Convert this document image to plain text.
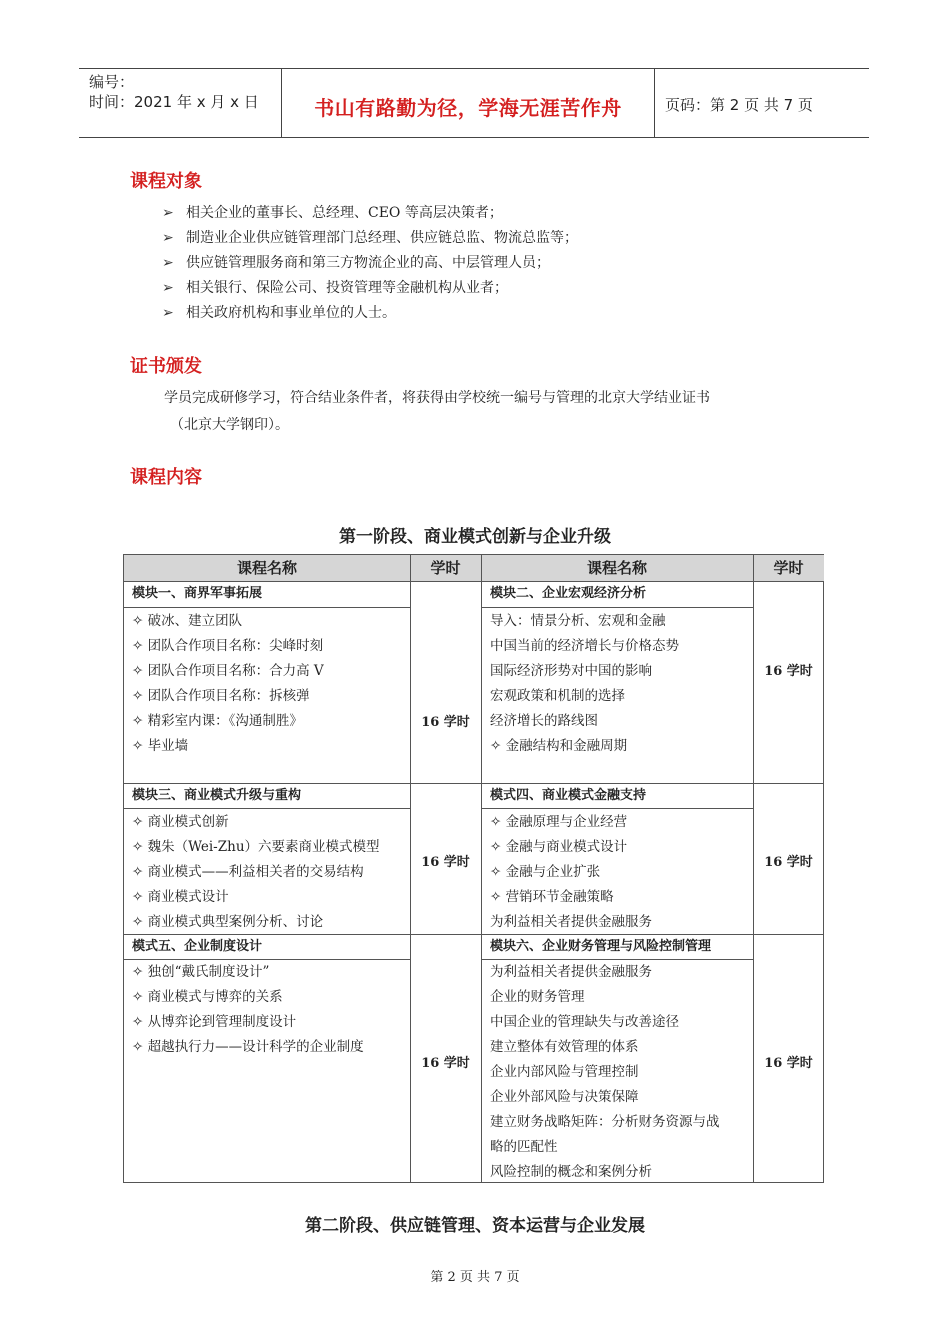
编号：
时间：2021 年 x 月 x 日	书山有路勤为径，学海无涯苦作舟	页码：第 2 页 共 7 页
课程对象
➢ 相关企业的董事长、总经理、CEO 等高层决策者；
➢ 制造业企业供应链管理部门总经理、供应链总监、物流总监等；
➢ 供应链管理服务商和第三方物流企业的高、中层管理人员；
➢ 相关银行、保险公司、投资管理等金融机构从业者；
➢ 相关政府机构和事业单位的人士。
证书颁发
学员完成研修学习，符合结业条件者，将获得由学校统一编号与管理的北京大学结业证书
（北京大学钢印）。
课程内容
第一阶段、商业模式创新与企业升级
课程名称	学时	课程名称	学时
模块一、商界军事拓展
✧ 破冰、建立团队
✧ 团队合作项目名称：尖峰时刻
✧ 团队合作项目名称：合力高 V
✧ 团队合作项目名称：拆核弹
✧ 精彩室内课：《沟通制胜》
✧ 毕业墙
16 学时
模块二、企业宏观经济分析
导入：情景分析、宏观和金融
中国当前的经济增长与价格态势
国际经济形势对中国的影响
宏观政策和机制的选择
经济增长的路线图
✧ 金融结构和金融周期
16 学时
模块三、商业模式升级与重构
✧ 商业模式创新
✧ 魏朱（Wei-Zhu）六要素商业模式模型
✧ 商业模式——利益相关者的交易结构
✧ 商业模式设计
✧ 商业模式典型案例分析、讨论
16 学时
模式四、商业模式金融支持
✧ 金融原理与企业经营
✧ 金融与商业模式设计
✧ 金融与企业扩张
✧ 营销环节金融策略
为利益相关者提供金融服务
16 学时
模式五、企业制度设计
✧ 独创“戴氏制度设计”
✧ 商业模式与博弈的关系
✧ 从博弈论到管理制度设计
✧ 超越执行力——设计科学的企业制度
16 学时
模块六、企业财务管理与风险控制管理
为利益相关者提供金融服务
企业的财务管理
中国企业的管理缺失与改善途径
建立整体有效管理的体系
企业内部风险与管理控制
企业外部风险与决策保障
建立财务战略矩阵：分析财务资源与战
略的匹配性
风险控制的概念和案例分析
16 学时
第二阶段、供应链管理、资本运营与企业发展
第 2 页 共 7 页
